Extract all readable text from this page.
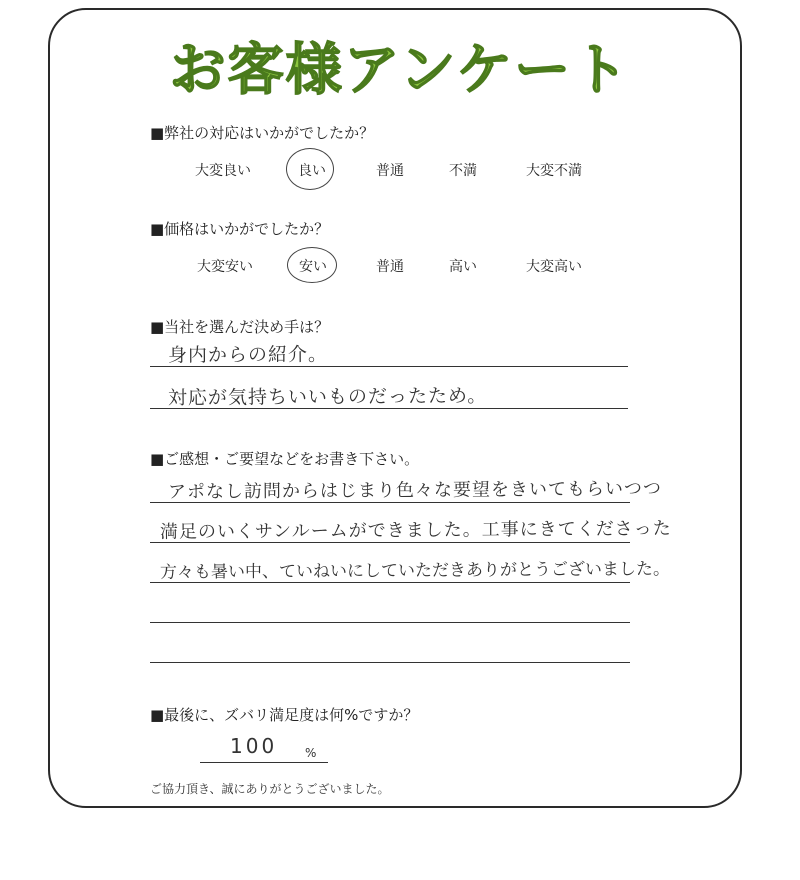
お客様アンケート
■弊社の対応はいかがでしたか？
大変良い	良い	普通	不満	大変不満
■価格はいかがでしたか？
大変安い	安い	普通	高い	大変高い
■当社を選んだ決め手は？
身内からの紹介。
対応が気持ちいいものだったため。
■ご感想・ご要望などをお書き下さい。
アポなし訪問からはじまり色々な要望をきいてもらいつつ
満足のいくサンルームができました。工事にきてくださった
方々も暑い中、ていねいにしていただきありがとうございました。
■最後に、ズバリ満足度は何%ですか？
100 %
ご協力頂き、誠にありがとうございました。
